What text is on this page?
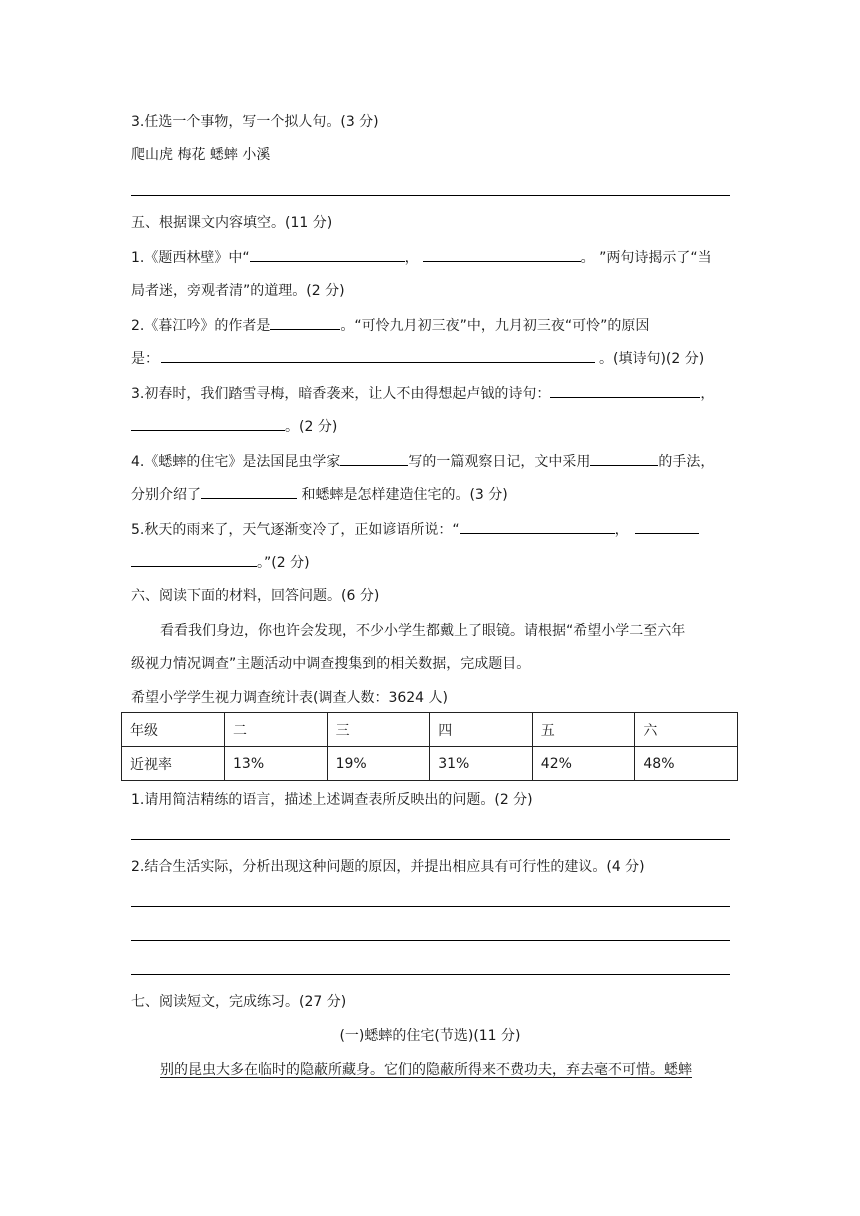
3.任选一个事物，写一个拟人句。(3 分)
爬山虎 梅花 蟋蟀 小溪
五、根据课文内容填空。(11 分)
1.《题西林壁》中“	，	。 ”两句诗揭示了“当
局者迷，旁观者清”的道理。(2 分)
2.《暮江吟》的作者是	。“可怜九月初三夜”中，九月初三夜“可怜”的原因
是：	。(填诗句)(2 分)
3.初春时，我们踏雪寻梅，暗香袭来，让人不由得想起卢钺的诗句：	，
。(2 分)
4.《蟋蟀的住宅》是法国昆虫学家	写的一篇观察日记，文中采用	的手法，
分别介绍了	和蟋蟀是怎样建造住宅的。(3 分)
5.秋天的雨来了，天气逐渐变冷了，正如谚语所说：“	，
。”(2 分)
六、阅读下面的材料，回答问题。(6 分)
看看我们身边，你也许会发现，不少小学生都戴上了眼镜。请根据“希望小学二至六年
级视力情况调查”主题活动中调查搜集到的相关数据，完成题目。
希望小学学生视力调查统计表(调查人数：3624 人)
年级	二	三	四	五	六
近视率	13%	19%	31%	42%	48%
1.请用简洁精练的语言，描述上述调查表所反映出的问题。(2 分)
2.结合生活实际，分析出现这种问题的原因，并提出相应具有可行性的建议。(4 分)
七、阅读短文，完成练习。(27 分)
(一)蟋蟀的住宅(节选)(11 分)
别的昆虫大多在临时的隐蔽所藏身。它们的隐蔽所得来不费功夫，弃去毫不可惜。蟋蟀
